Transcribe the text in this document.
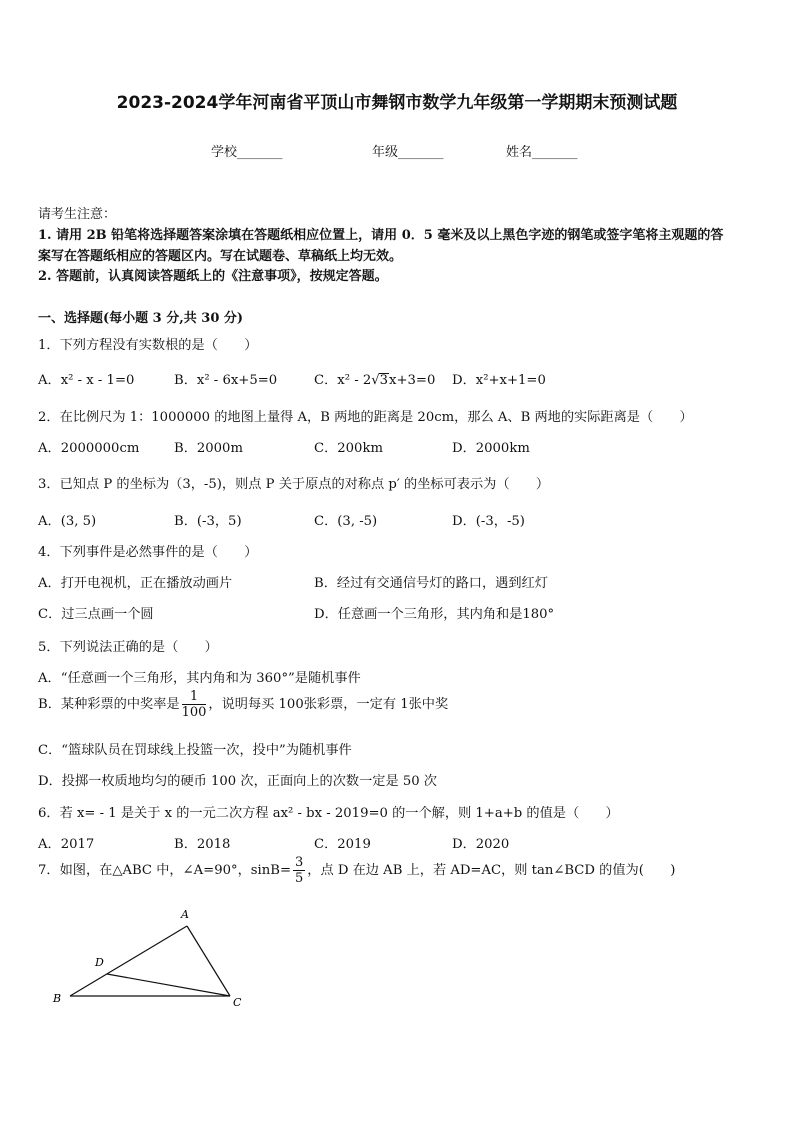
2023-2024学年河南省平顶山市舞钢市数学九年级第一学期期末预测试题
学校_______	年级_______	姓名_______
请考生注意：
1. 请用 2B 铅笔将选择题答案涂填在答题纸相应位置上，请用 0．5 毫米及以上黑色字迹的钢笔或签字笔将主观题的答
案写在答题纸相应的答题区内。写在试题卷、草稿纸上均无效。
2. 答题前，认真阅读答题纸上的《注意事项》，按规定答题。
一、选择题(每小题 3 分,共 30 分)
1．下列方程没有实数根的是（　　）
A．x² - x - 1=0	B．x² - 6x+5=0	C．x² - 2√3x+3=0 D．x²+x+1=0
2．在比例尺为 1：1000000 的地图上量得 A，B 两地的距离是 20cm，那么 A、B 两地的实际距离是（　　）
A．2000000cm	B．2000m	C．200km	D．2000km
3．已知点 P 的坐标为（3，-5)，则点 P 关于原点的对称点 p′ 的坐标可表示为（　　）
A．(3, 5)	B．(-3，5)	C．(3, -5)	D．(-3，-5)
4．下列事件是必然事件的是（　　）
A．打开电视机，正在播放动画片	B．经过有交通信号灯的路口，遇到红灯
C．过三点画一个圆	D．任意画一个三角形，其内角和是180°
5．下列说法正确的是（　　）
A．“任意画一个三角形，其内角和为 360°”是随机事件
B．某种彩票的中奖率是 $\frac{1}{100}$ ，说明每买 100张彩票，一定有 1张中奖
C．“篮球队员在罚球线上投篮一次，投中”为随机事件
D．投掷一枚质地均匀的硬币 100 次，正面向上的次数一定是 50 次
6．若 x= - 1 是关于 x 的一元二次方程 ax² - bx - 2019=0 的一个解，则 1+a+b 的值是（　　）
A．2017	B．2018	C．2019	D．2020
7．如图，在△ABC 中，∠A=90°，$\sin B= \frac{3}{5}$ ，点 D 在边 AB 上，若 AD=AC，则 tan∠BCD 的值为(　　)
A
B	C
D
